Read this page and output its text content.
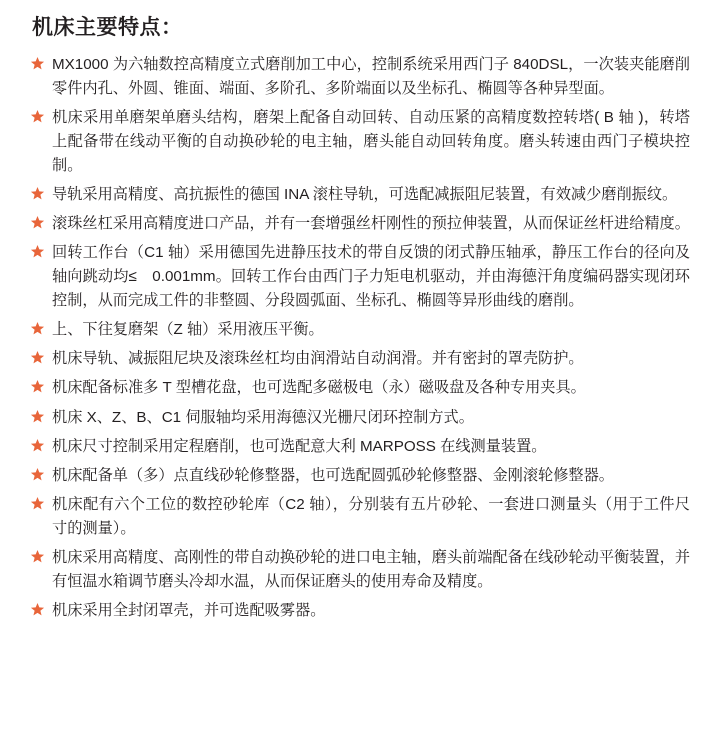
机床主要特点：
MX1000 为六轴数控高精度立式磨削加工中心，控制系统采用西门子 840DSL，一次装夹能磨削零件内孔、外圆、锥面、端面、多阶孔、多阶端面以及坐标孔、椭圆等各种异型面。
机床采用单磨架单磨头结构，磨架上配备自动回转、自动压紧的高精度数控转塔( B 轴 )，转塔上配备带在线动平衡的自动换砂轮的电主轴，磨头能自动回转角度。磨头转速由西门子模块控制。
导轨采用高精度、高抗振性的德国 INA 滚柱导轨，可选配减振阻尼装置，有效减少磨削振纹。
滚珠丝杠采用高精度进口产品，并有一套增强丝杆刚性的预拉伸装置，从而保证丝杆进给精度。
回转工作台（C1 轴）采用德国先进静压技术的带自反馈的闭式静压轴承，静压工作台的径向及轴向跳动均≤　0.001mm。回转工作台由西门子力矩电机驱动，并由海德汗角度编码器实现闭环控制，从而完成工件的非整圆、分段圆弧面、坐标孔、椭圆等异形曲线的磨削。
上、下往复磨架（Z 轴）采用液压平衡。
机床导轨、减振阻尼块及滚珠丝杠均由润滑站自动润滑。并有密封的罩壳防护。
机床配备标准多 T 型槽花盘，也可选配多磁极电（永）磁吸盘及各种专用夹具。
机床 X、Z、B、C1 伺服轴均采用海德汉光栅尺闭环控制方式。
机床尺寸控制采用定程磨削，也可选配意大利 MARPOSS 在线测量装置。
机床配备单（多）点直线砂轮修整器，也可选配圆弧砂轮修整器、金刚滚轮修整器。
机床配有六个工位的数控砂轮库（C2 轴），分别装有五片砂轮、一套进口测量头（用于工件尺寸的测量）。
机床采用高精度、高刚性的带自动换砂轮的进口电主轴，磨头前端配备在线砂轮动平衡装置，并有恒温水箱调节磨头冷却水温，从而保证磨头的使用寿命及精度。
机床采用全封闭罩壳，并可选配吸雾器。
